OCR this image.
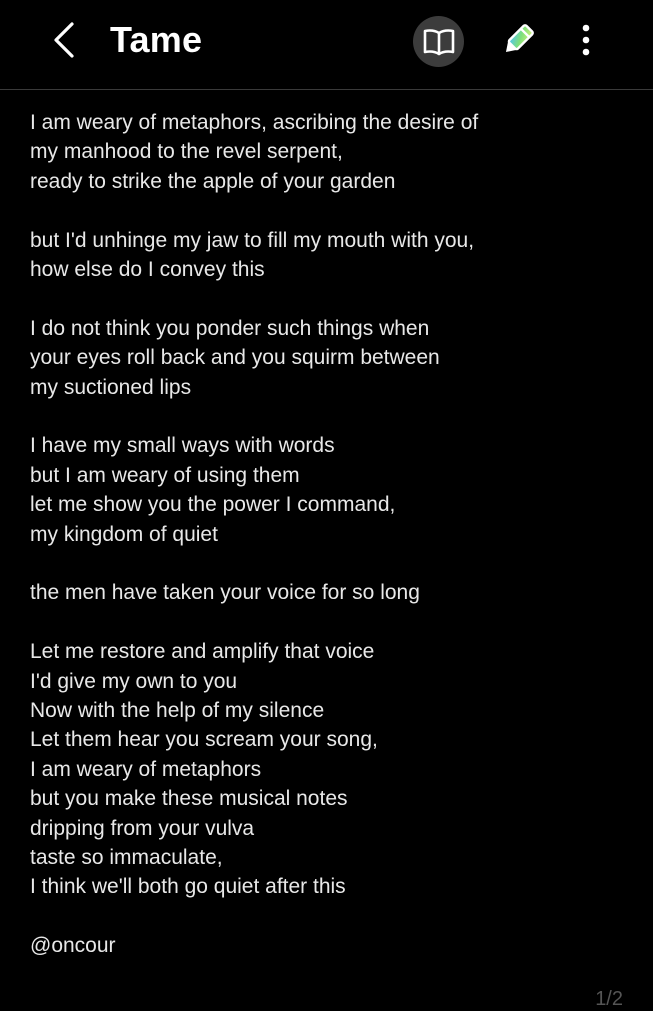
Tame
I am weary of metaphors, ascribing the desire of
my manhood to the revel serpent,
ready to strike the apple of your garden
but I'd unhinge my jaw to fill my mouth with you,
how else do I convey this
I do not think you ponder such things when
your eyes roll back and you squirm between
my suctioned lips
I have my small ways with words
but I am weary of using them
let me show you the power I command,
my kingdom of quiet
the men have taken your voice for so long
Let me restore and amplify that voice
I'd give my own to you
Now with the help of my silence
Let them hear you scream your song,
I am weary of metaphors
but you make these musical notes
dripping from your vulva
taste so immaculate,
I think we'll both go quiet after this
@oncour
1/2
